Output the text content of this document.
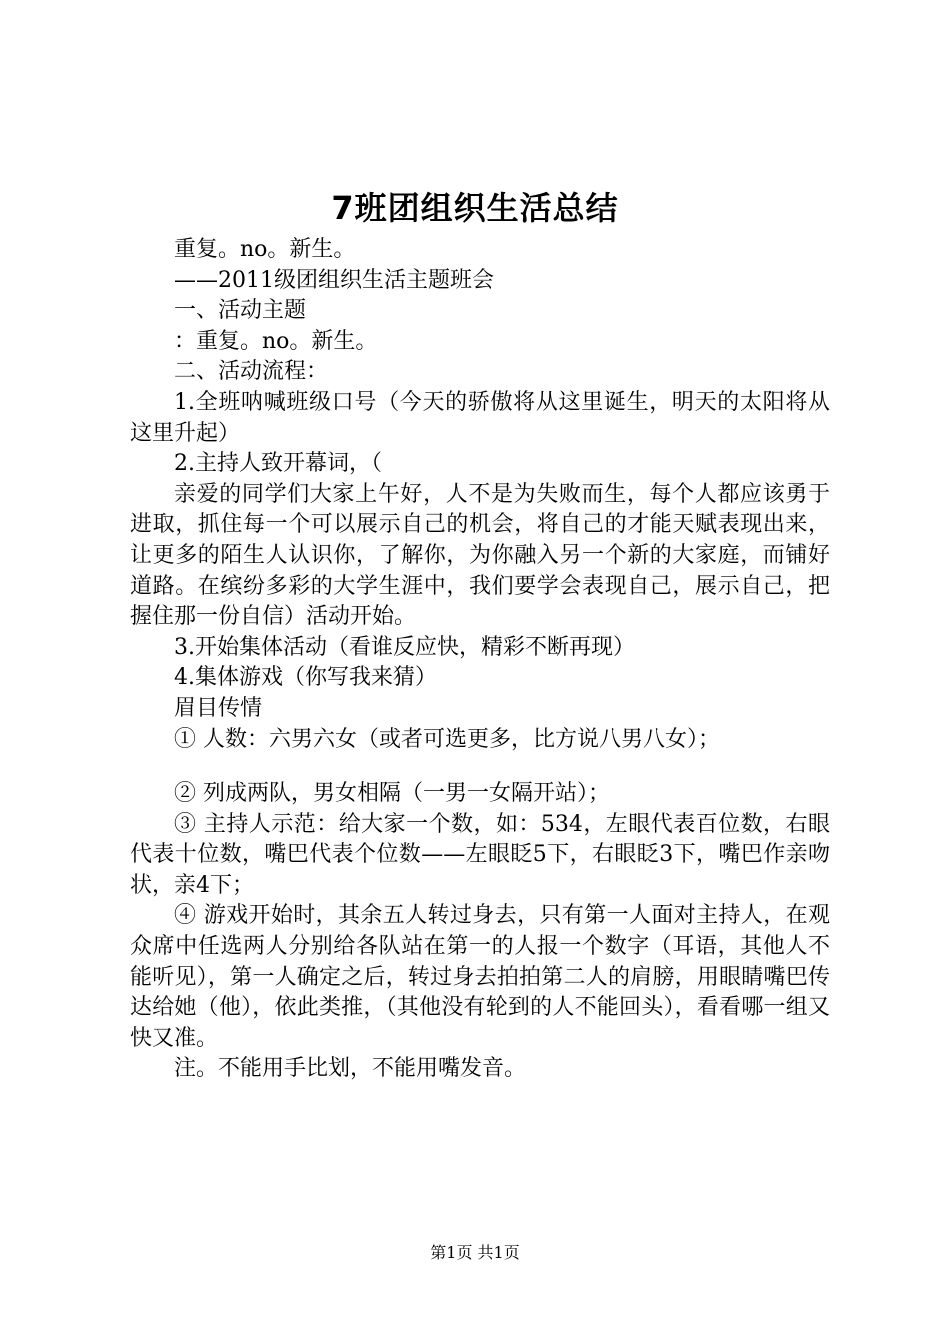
7班团组织生活总结

重复。no。新生。

——2011级团组织生活主题班会

一、活动主题

：重复。no。新生。

二、活动流程：

1.全班呐喊班级口号（今天的骄傲将从这里诞生，明天的太阳将从这里升起）

2.主持人致开幕词，（

亲爱的同学们大家上午好，人不是为失败而生，每个人都应该勇于进取，抓住每一个可以展示自己的机会，将自己的才能天赋表现出来，让更多的陌生人认识你，了解你，为你融入另一个新的大家庭，而铺好道路。在缤纷多彩的大学生涯中，我们要学会表现自己，展示自己，把握住那一份自信）活动开始。

3.开始集体活动（看谁反应快，精彩不断再现）

4.集体游戏（你写我来猜）

眉目传情

① 人数：六男六女（或者可选更多，比方说八男八女）；

② 列成两队，男女相隔（一男一女隔开站）；

③ 主持人示范：给大家一个数，如：534，左眼代表百位数，右眼代表十位数，嘴巴代表个位数——左眼眨5下，右眼眨3下，嘴巴作亲吻状，亲4下；

④ 游戏开始时，其余五人转过身去，只有第一人面对主持人，在观众席中任选两人分别给各队站在第一的人报一个数字（耳语，其他人不能听见），第一人确定之后，转过身去拍拍第二人的肩膀，用眼睛嘴巴传达给她（他），依此类推，（其他没有轮到的人不能回头），看看哪一组又快又准。

注。不能用手比划，不能用嘴发音。

第1页 共1页
